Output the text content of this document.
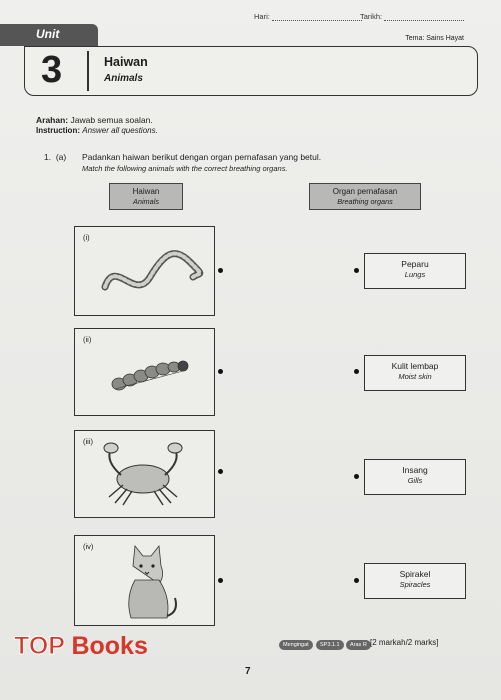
Hari:	Tarikh:
Unit	Tema: Sains Hayat
3	Haiwan
Animals
Arahan: Jawab semua soalan.
Instruction: Answer all questions.
1. (a) Padankan haiwan berikut dengan organ pernafasan yang betul.
Match the following animals with the correct breathing organs.
Haiwan
Animals
Organ pernafasan
Breathing organs
(i)
(ii)
(iii)
(iv)
Peparu
Lungs
Kulit lembap
Moist skin
Insang
Gills
Spirakel
Spiracles
Mengingat	SP3.1.1	Aras R [2 markah/2 marks]
7
TOP Books
